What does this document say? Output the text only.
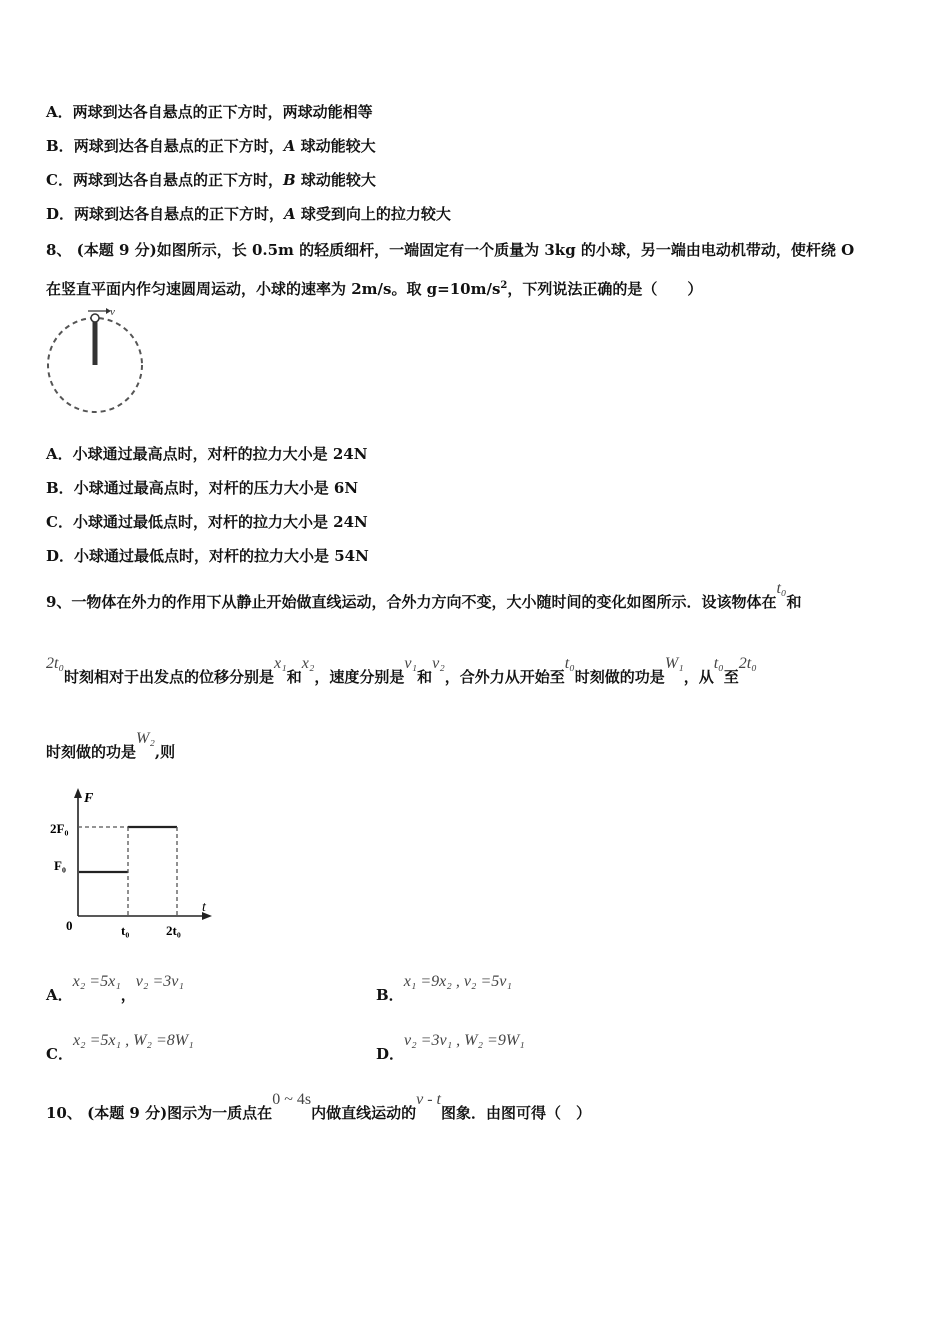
A．两球到达各自悬点的正下方时，两球动能相等
B．两球到达各自悬点的正下方时，A 球动能较大
C．两球到达各自悬点的正下方时，B 球动能较大
D．两球到达各自悬点的正下方时，A 球受到向上的拉力较大
8、 (本题 9 分)如图所示，长 0.5m 的轻质细杆，一端固定有一个质量为 3kg 的小球，另一端由电动机带动，使杆绕 O
在竖直平面内作匀速圆周运动，小球的速率为 2m/s。取 $g=10m/s^2$，下列说法正确的是（　　）
v
A．小球通过最高点时，对杆的拉力大小是 24N
B．小球通过最高点时，对杆的压力大小是 6N
C．小球通过最低点时，对杆的拉力大小是 24N
D．小球通过最低点时，对杆的拉力大小是 54N
9、一物体在外力的作用下从静止开始做直线运动，合外力方向不变，大小随时间的变化如图所示．设该物体在t₀和
2t₀时刻相对于出发点的位移分别是x₁和x₂，速度分别是v₁和v₂，合外力从开始至t₀时刻做的功是W₁，从t₀至2t₀
时刻做的功是W₂,则
F
t
2F₀
F₀
0	t₀	2t₀
A．x₂ =5x₁，v₂ =3v₁
B．x₁ =9x₂ , v₂ =5v₁
C．x₂ =5x₁ , W₂ =8W₁
D．v₂ =3v₁ , W₂ =9W₁
10、 (本题 9 分)图示为一质点在0 ~ 4s内做直线运动的v - t图象．由图可得（　）
